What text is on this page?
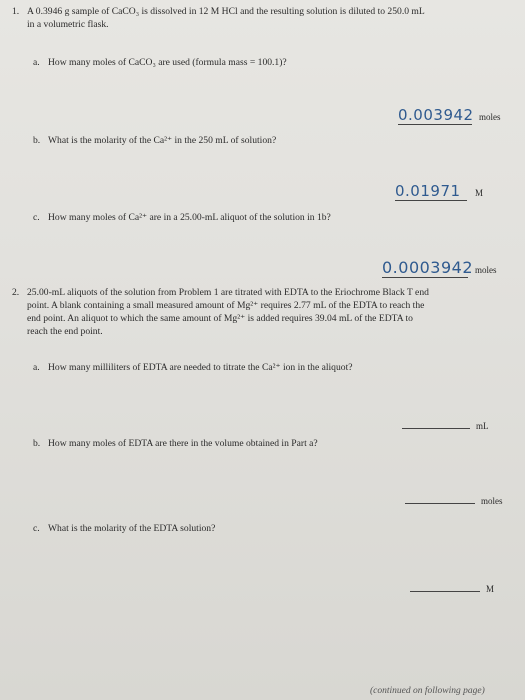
1. A 0.3946 g sample of CaCO₃ is dissolved in 12 M HCl and the resulting solution is diluted to 250.0 mL
in a volumetric flask.
a. How many moles of CaCO₃ are used (formula mass = 100.1)?
0.003942 moles
b. What is the molarity of the Ca²⁺ in the 250 mL of solution?
0.01971 M
c. How many moles of Ca²⁺ are in a 25.00-mL aliquot of the solution in 1b?
0.0003942 moles
2. 25.00-mL aliquots of the solution from Problem 1 are titrated with EDTA to the Eriochrome Black T end
point. A blank containing a small measured amount of Mg²⁺ requires 2.77 mL of the EDTA to reach the
end point. An aliquot to which the same amount of Mg²⁺ is added requires 39.04 mL of the EDTA to
reach the end point.
a. How many milliliters of EDTA are needed to titrate the Ca²⁺ ion in the aliquot?
mL
b. How many moles of EDTA are there in the volume obtained in Part a?
moles
c. What is the molarity of the EDTA solution?
M
(continued on following page)
